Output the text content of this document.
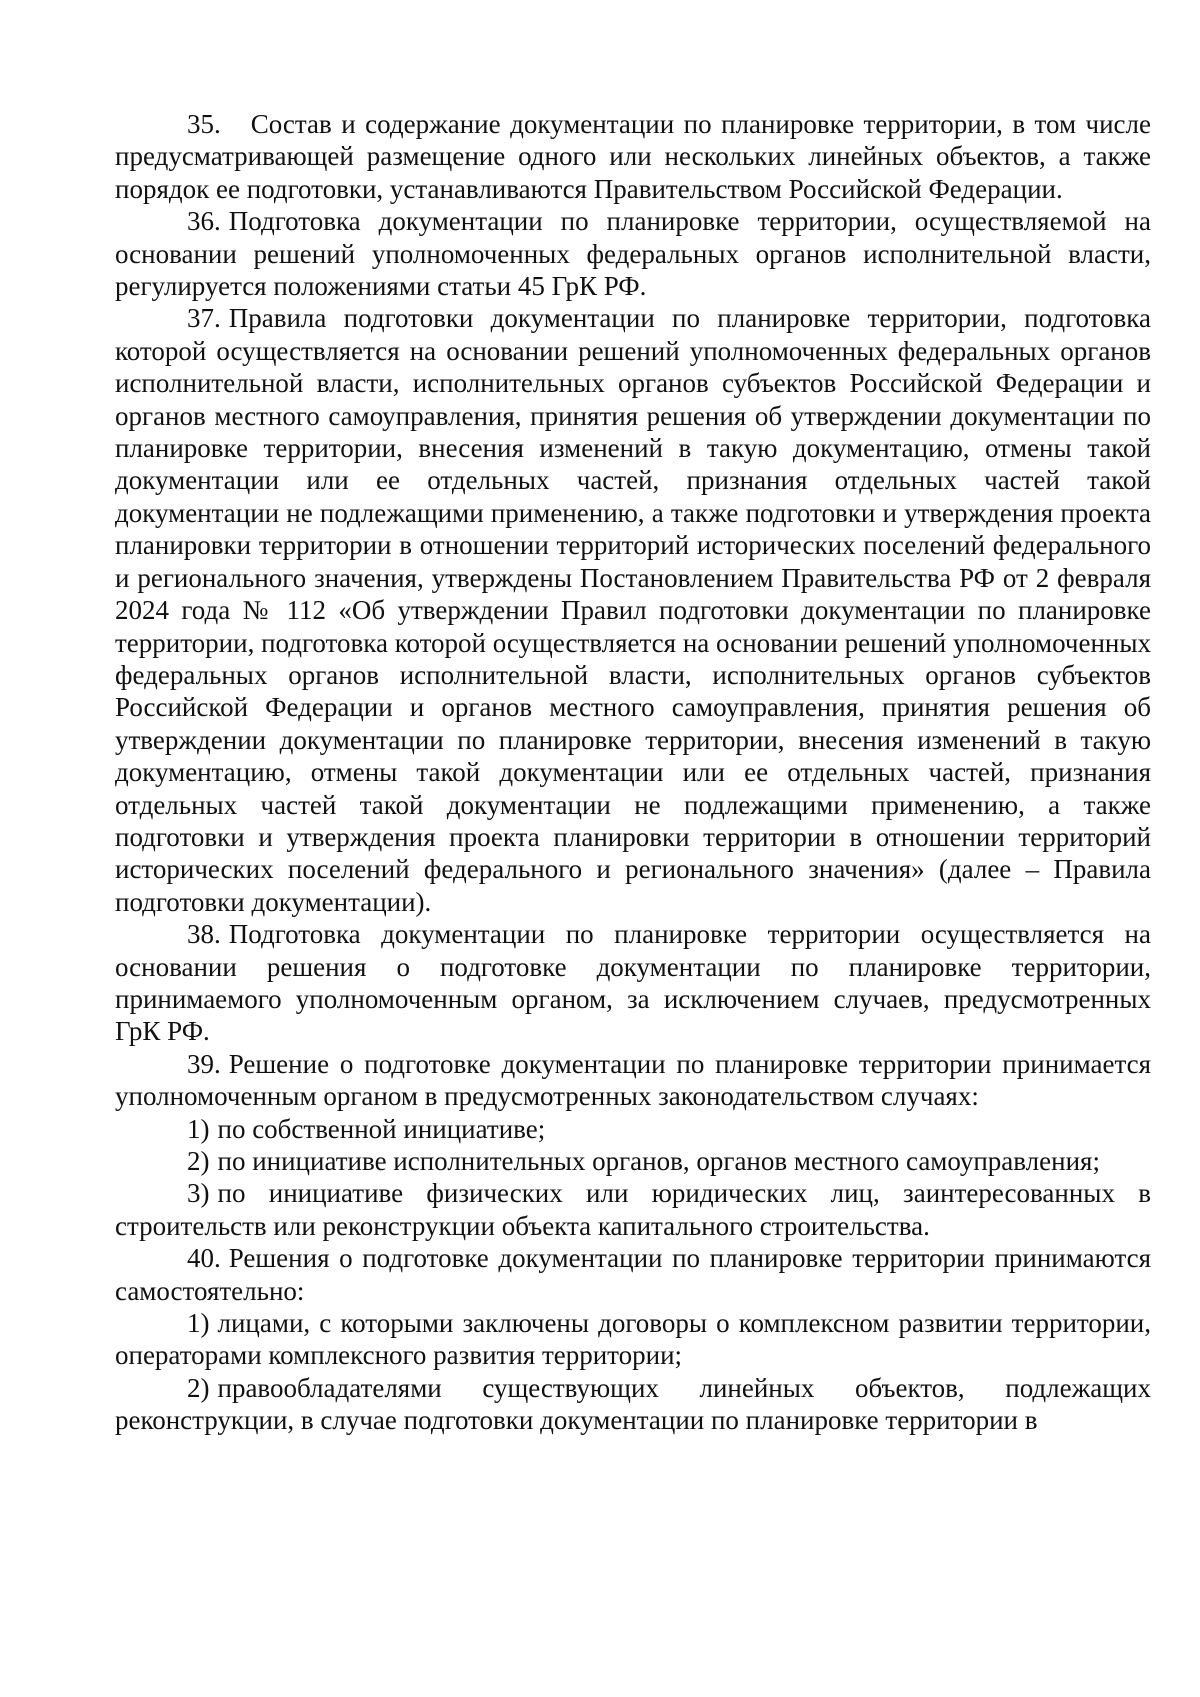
35. Состав и содержание документации по планировке территории, в том числе предусматривающей размещение одного или нескольких линейных объектов, а также порядок ее подготовки, устанавливаются Правительством Российской Федерации.

36. Подготовка документации по планировке территории, осуществляемой на основании решений уполномоченных федеральных органов исполнительной власти, регулируется положениями статьи 45 ГрК РФ.

37. Правила подготовки документации по планировке территории, подготовка которой осуществляется на основании решений уполномоченных федеральных органов исполнительной власти, исполнительных органов субъектов Российской Федерации и органов местного самоуправления, принятия решения об утверждении документации по планировке территории, внесения изменений в такую документацию, отмены такой документации или ее отдельных частей, признания отдельных частей такой документации не подлежащими применению, а также подготовки и утверждения проекта планировки территории в отношении территорий исторических поселений федерального и регионального значения, утверждены Постановлением Правительства РФ от 2 февраля 2024 года № 112 «Об утверждении Правил подготовки документации по планировке территории, подготовка которой осуществляется на основании решений уполномоченных федеральных органов исполнительной власти, исполнительных органов субъектов Российской Федерации и органов местного самоуправления, принятия решения об утверждении документации по планировке территории, внесения изменений в такую документацию, отмены такой документации или ее отдельных частей, признания отдельных частей такой документации не подлежащими применению, а также подготовки и утверждения проекта планировки территории в отношении территорий исторических поселений федерального и регионального значения» (далее – Правила подготовки документации).

38. Подготовка документации по планировке территории осуществляется на основании решения о подготовке документации по планировке территории, принимаемого уполномоченным органом, за исключением случаев, предусмотренных ГрК РФ.

39. Решение о подготовке документации по планировке территории принимается уполномоченным органом в предусмотренных законодательством случаях:

1) по собственной инициативе;

2) по инициативе исполнительных органов, органов местного самоуправления;

3) по инициативе физических или юридических лиц, заинтересованных в строительств или реконструкции объекта капитального строительства.

40. Решения о подготовке документации по планировке территории принимаются самостоятельно:

1) лицами, с которыми заключены договоры о комплексном развитии территории, операторами комплексного развития территории;

2) правообладателями существующих линейных объектов, подлежащих реконструкции, в случае подготовки документации по планировке территории в
